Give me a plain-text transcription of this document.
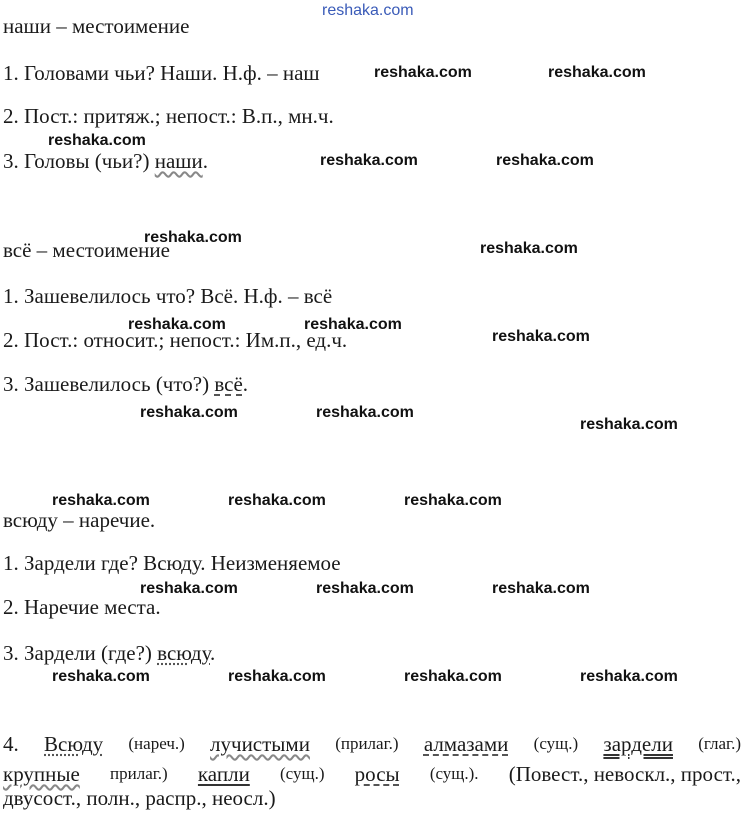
reshaka.com
наши – местоимение
1. Головами чьи? Наши. Н.ф. – наш
2. Пост.: притяж.; непост.: В.п., мн.ч.
3. Головы (чьи?) наши.
всё – местоимение
1. Зашевелилось что? Всё. Н.ф. – всё
2. Пост.: относит.; непост.: Им.п., ед.ч.
3. Зашевелилось (что?) всё.
всюду – наречие.
1. Зардели где? Всюду. Неизменяемое
2. Наречие места.
3. Зардели (где?) всюду.
4. Всюду (нареч.) лучистыми (прилаг.) алмазами (сущ.) зардели (глаг.)
крупные прилаг.) капли (сущ.) росы (сущ.). (Повест., невоскл., прост.,
двусост., полн., распр., неосл.)
reshaka.com	reshaka.com
reshaka.com
reshaka.com	reshaka.com
reshaka.com
reshaka.com
reshaka.com	reshaka.com
reshaka.com
reshaka.com	reshaka.com
reshaka.com
reshaka.com	reshaka.com	reshaka.com
reshaka.com	reshaka.com	reshaka.com
reshaka.com	reshaka.com	reshaka.com	reshaka.com
